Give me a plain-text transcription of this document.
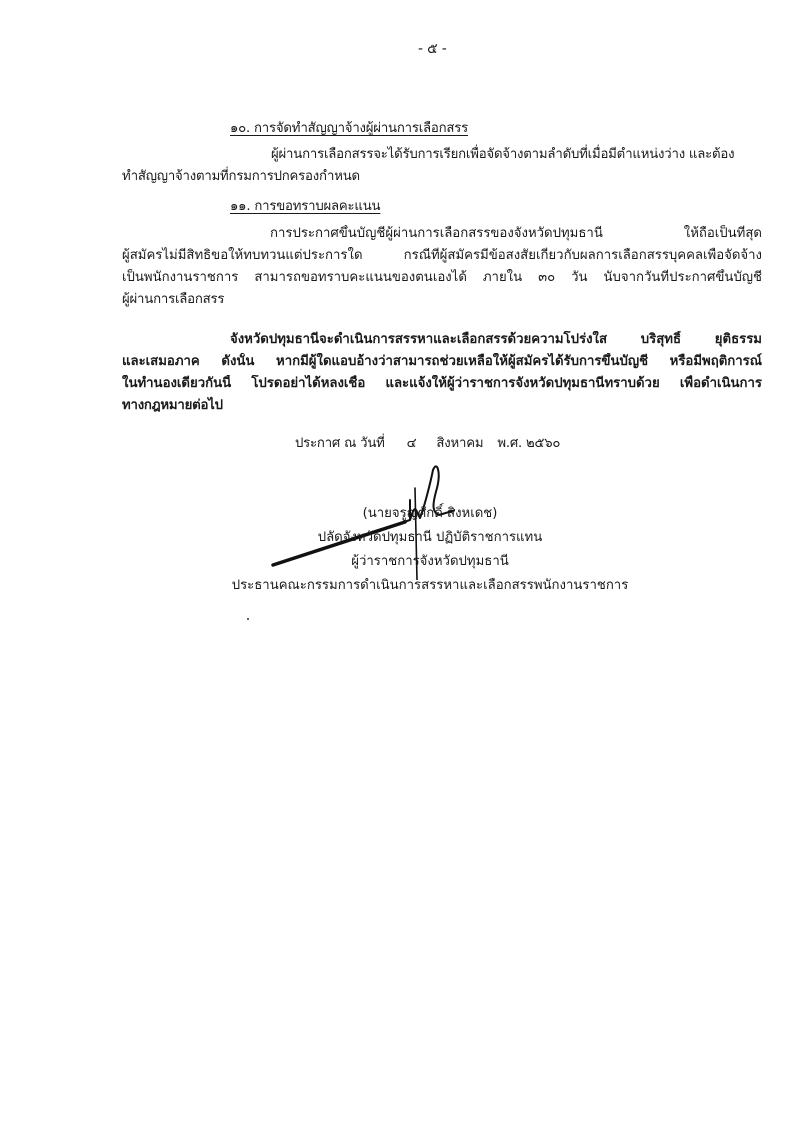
- ๕ -
๑๐. การจัดทำสัญญาจ้างผู้ผ่านการเลือกสรร
ผู้ผ่านการเลือกสรรจะได้รับการเรียกเพื่อจัดจ้างตามลำดับที่เมื่อมีตำแหน่งว่าง และต้อง
ทำสัญญาจ้างตามที่กรมการปกครองกำหนด
๑๑. การขอทราบผลคะแนน
การประกาศขึ้นบัญชีผู้ผ่านการเลือกสรรของจังหวัดปทุมธานี ให้ถือเป็นที่สุด
ผู้สมัครไม่มีสิทธิขอให้ทบทวนแต่ประการใด กรณีที่ผู้สมัครมีข้อสงสัยเกี่ยวกับผลการเลือกสรรบุคคลเพื่อจัดจ้าง
เป็นพนักงานราชการ สามารถขอทราบคะแนนของตนเองได้ ภายใน ๓๐ วัน นับจากวันที่ประกาศขึ้นบัญชี
ผู้ผ่านการเลือกสรร
จังหวัดปทุมธานีจะดำเนินการสรรหาและเลือกสรรด้วยความโปร่งใส บริสุทธิ์ ยุติธรรม
และเสมอภาค ดังนั้น หากมีผู้ใดแอบอ้างว่าสามารถช่วยเหลือให้ผู้สมัครได้รับการขึ้นบัญชี หรือมีพฤติการณ์
ในทำนองเดียวกันนี้ โปรดอย่าได้หลงเชื่อ และแจ้งให้ผู้ว่าราชการจังหวัดปทุมธานีทราบด้วย เพื่อดำเนินการ
ทางกฎหมายต่อไป
ประกาศ ณ วันที่ ๔ สิงหาคม พ.ศ. ๒๕๖๐
(นายจรูญศักดิ์ สิงหเดช)
ปลัดจังหวัดปทุมธานี ปฏิบัติราชการแทน
ผู้ว่าราชการจังหวัดปทุมธานี
ประธานคณะกรรมการดำเนินการสรรหาและเลือกสรรพนักงานราชการ
